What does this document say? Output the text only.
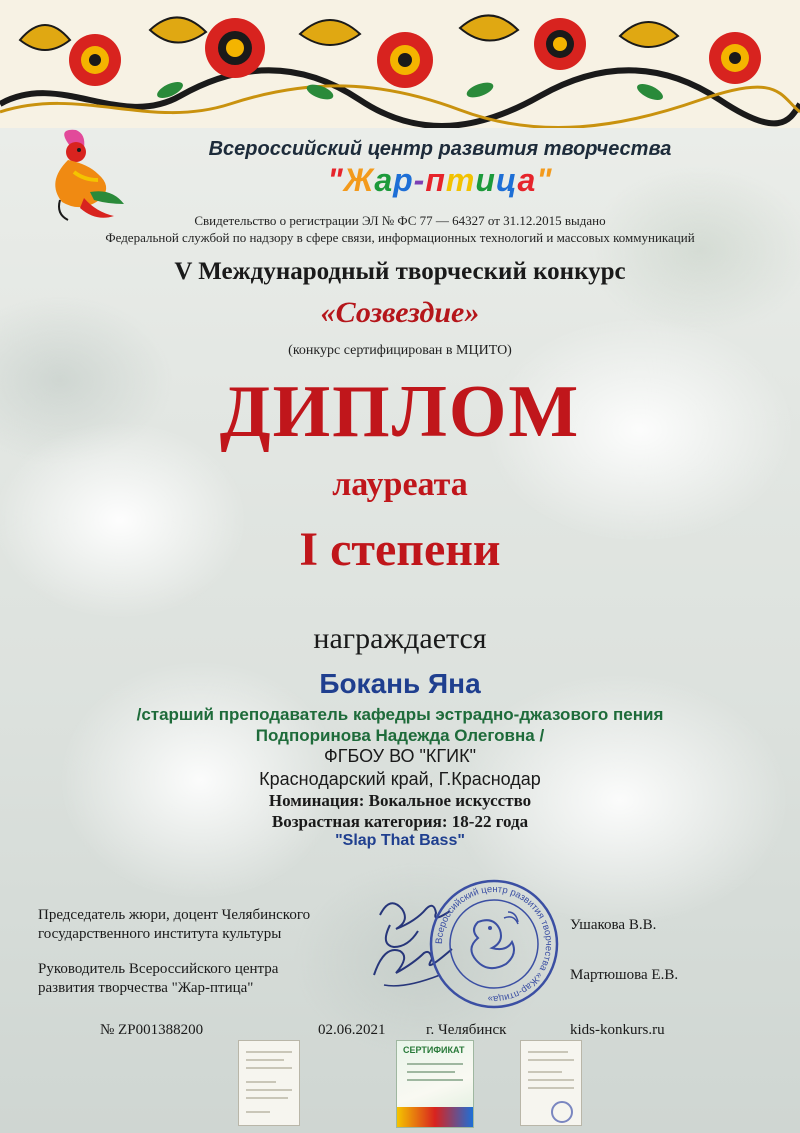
Всероссийский центр развития творчества
"Жар-птица"
Свидетельство о регистрации ЭЛ № ФС 77 — 64327 от 31.12.2015 выдано
Федеральной службой по надзору в сфере связи, информационных технологий и массовых коммуникаций
V Международный творческий конкурс
«Созвездие»
(конкурс сертифицирован в МЦИТО)
ДИПЛОМ
лауреата
I степени
награждается
Бокань Яна
/старший преподаватель кафедры эстрадно-джазового пения
Подпоринова Надежда Олеговна /
ФГБОУ ВО "КГИК"
Краснодарский край, Г.Краснодар
Номинация: Вокальное искусство
Возрастная категория: 18-22 года
"Slap That Bass"
Председатель жюри, доцент Челябинского
государственного института культуры
Ушакова В.В.
Руководитель Всероссийского центра
развития творчества "Жар-птица"
Мартюшова Е.В.
Всероссийский центр развития творчества «Жар-птица»
№ ZP001388200	02.06.2021	г. Челябинск	kids-konkurs.ru
СЕРТИФИКАТ
